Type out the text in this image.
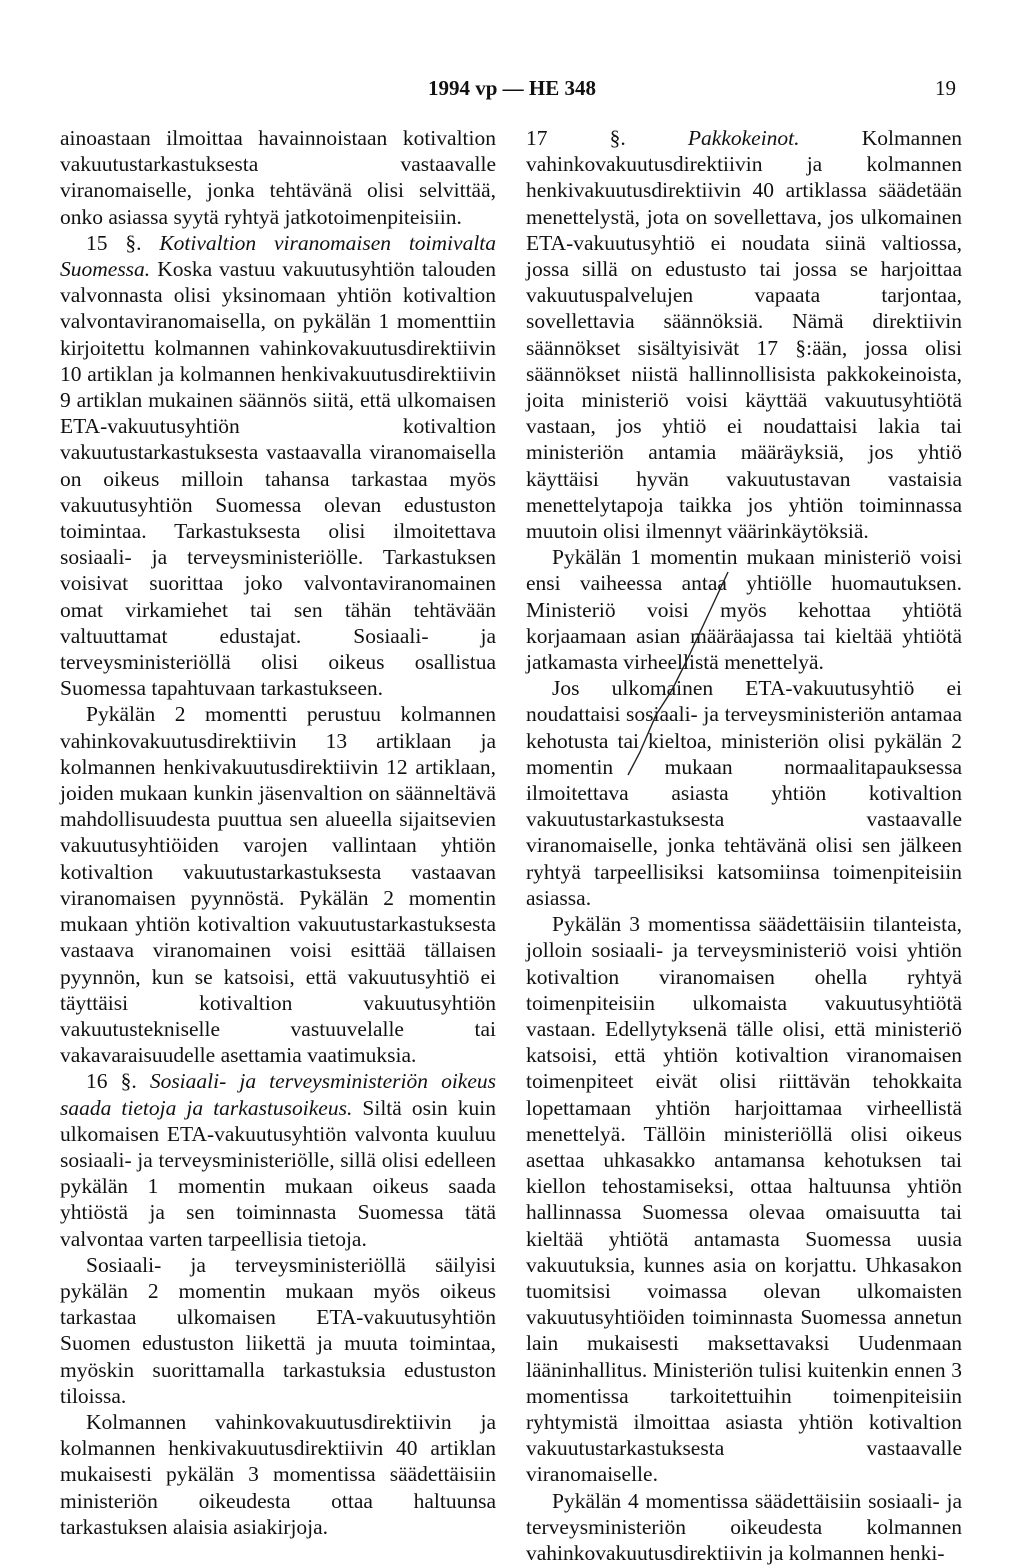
1994 vp — HE 348	19

ainoastaan ilmoittaa havainnoistaan kotivaltion vakuutustarkastuksesta vastaavalle viranomaiselle, jonka tehtävänä olisi selvittää, onko asiassa syytä ryhtyä jatkotoimenpiteisiin.

15 §. Kotivaltion viranomaisen toimivalta Suomessa. Koska vastuu vakuutusyhtiön talouden valvonnasta olisi yksinomaan yhtiön kotivaltion valvontaviranomaisella, on pykälän 1 momenttiin kirjoitettu kolmannen vahinkovakuutusdirektiivin 10 artiklan ja kolmannen henkivakuutusdirektiivin 9 artiklan mukainen säännös siitä, että ulkomaisen ETA-vakuutusyhtiön kotivaltion vakuutustarkastuksesta vastaavalla viranomaisella on oikeus milloin tahansa tarkastaa myös vakuutusyhtiön Suomessa olevan edustuston toimintaa. Tarkastuksesta olisi ilmoitettava sosiaali- ja terveysministeriölle. Tarkastuksen voisivat suorittaa joko valvontaviranomainen omat virkamiehet tai sen tähän tehtävään valtuuttamat edustajat. Sosiaali- ja terveysministeriöllä olisi oikeus osallistua Suomessa tapahtuvaan tarkastukseen.

Pykälän 2 momentti perustuu kolmannen vahinkovakuutusdirektiivin 13 artiklaan ja kolmannen henkivakuutusdirektiivin 12 artiklaan, joiden mukaan kunkin jäsenvaltion on säänneltävä mahdollisuudesta puuttua sen alueella sijaitsevien vakuutusyhtiöiden varojen vallintaan yhtiön kotivaltion vakuutustarkastuksesta vastaavan viranomaisen pyynnöstä. Pykälän 2 momentin mukaan yhtiön kotivaltion vakuutustarkastuksesta vastaava viranomainen voisi esittää tällaisen pyynnön, kun se katsoisi, että vakuutusyhtiö ei täyttäisi kotivaltion vakuutusyhtiön vakuutustekniselle vastuuvelalle tai vakavaraisuudelle asettamia vaatimuksia.

16 §. Sosiaali- ja terveysministeriön oikeus saada tietoja ja tarkastusoikeus. Siltä osin kuin ulkomaisen ETA-vakuutusyhtiön valvonta kuuluu sosiaali- ja terveysministeriölle, sillä olisi edelleen pykälän 1 momentin mukaan oikeus saada yhtiöstä ja sen toiminnasta Suomessa tätä valvontaa varten tarpeellisia tietoja.

Sosiaali- ja terveysministeriöllä säilyisi pykälän 2 momentin mukaan myös oikeus tarkastaa ulkomaisen ETA-vakuutusyhtiön Suomen edustuston liikettä ja muuta toimintaa, myöskin suorittamalla tarkastuksia edustuston tiloissa.

Kolmannen vahinkovakuutusdirektiivin ja kolmannen henkivakuutusdirektiivin 40 artiklan mukaisesti pykälän 3 momentissa säädettäisiin ministeriön oikeudesta ottaa haltuunsa tarkastuksen alaisia asiakirjoja.

17 §.	Pakkokeinot.	Kolmannen vahinkovakuutusdirektiivin ja kolmannen henkivakuutusdirektiivin 40 artiklassa säädetään menettelystä, jota on sovellettava, jos ulkomainen ETA-vakuutusyhtiö ei noudata siinä valtiossa, jossa sillä on edustusto tai jossa se harjoittaa vakuutuspalvelujen vapaata tarjontaa, sovellettavia säännöksiä. Nämä direktiivin säännökset sisältyisivät 17 §:ään, jossa olisi säännökset niistä hallinnollisista pakkokeinoista, joita ministeriö voisi käyttää vakuutusyhtiötä vastaan, jos yhtiö ei noudattaisi lakia tai ministeriön antamia määräyksiä, jos yhtiö käyttäisi hyvän vakuutustavan vastaisia menettelytapoja taikka jos yhtiön toiminnassa muutoin olisi ilmennyt väärinkäytöksiä.

Pykälän 1 momentin mukaan ministeriö voisi ensi vaiheessa antaa yhtiölle huomautuksen. Ministeriö voisi myös kehottaa yhtiötä korjaamaan asian määräajassa tai kieltää yhtiötä jatkamasta virheellistä menettelyä.

Jos ulkomainen ETA-vakuutusyhtiö ei noudattaisi sosiaali- ja terveysministeriön antamaa kehotusta tai kieltoa, ministeriön olisi pykälän 2 momentin mukaan normaalitapauksessa ilmoitettava asiasta yhtiön kotivaltion vakuutustarkastuksesta vastaavalle viranomaiselle, jonka tehtävänä olisi sen jälkeen ryhtyä tarpeellisiksi katsomiinsa toimenpiteisiin asiassa.

Pykälän 3 momentissa säädettäisiin tilanteista, jolloin sosiaali- ja terveysministeriö voisi yhtiön kotivaltion viranomaisen ohella ryhtyä toimenpiteisiin ulkomaista vakuutusyhtiötä vastaan. Edellytyksenä tälle olisi, että ministeriö katsoisi, että yhtiön kotivaltion viranomaisen toimenpiteet eivät olisi riittävän tehokkaita lopettamaan yhtiön harjoittamaa virheellistä menettelyä. Tällöin ministeriöllä olisi oikeus asettaa uhkasakko antamansa kehotuksen tai kiellon tehostamiseksi, ottaa haltuunsa yhtiön hallinnassa Suomessa olevaa omaisuutta tai kieltää yhtiötä antamasta Suomessa uusia vakuutuksia, kunnes asia on korjattu. Uhkasakon tuomitsisi voimassa olevan ulkomaisten vakuutusyhtiöiden toiminnasta Suomessa annetun lain mukaisesti maksettavaksi Uudenmaan lääninhallitus. Ministeriön tulisi kuitenkin ennen 3 momentissa tarkoitettuihin toimenpiteisiin ryhtymistä ilmoittaa asiasta yhtiön kotivaltion vakuutustarkastuksesta vastaavalle viranomaiselle.

Pykälän 4 momentissa säädettäisiin sosiaali- ja terveysministeriön oikeudesta kolmannen vahinkovakuutusdirektiivin ja kolmannen henki-
